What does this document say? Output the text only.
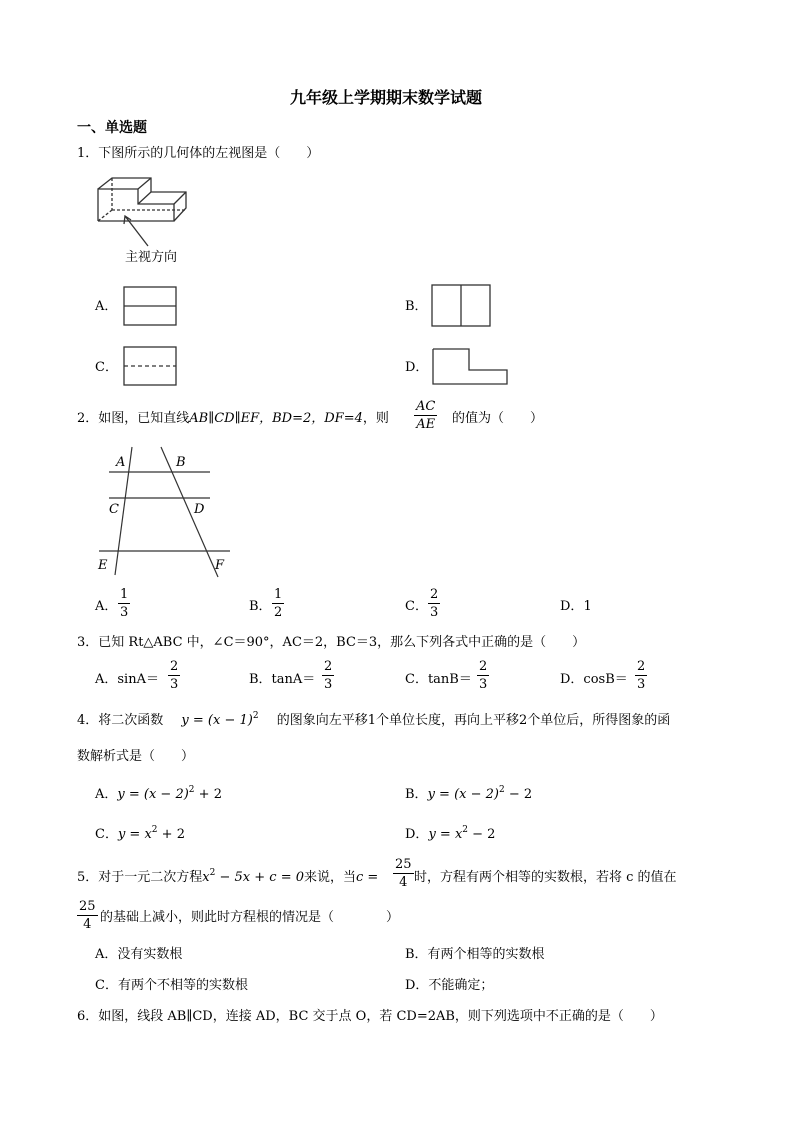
九年级上学期期末数学试题
一、单选题
1．下图所示的几何体的左视图是（　　）
主视方向
A．	B．
C．	D．
2．如图，已知直线AB∥CD∥EF，BD=2，DF=4，则 $\frac{AC}{AE}$ 的值为（　　）
A	B
C	D
E	F
A． $\frac{1}{3}$	B． $\frac{1}{2}$	C． $\frac{2}{3}$	D．1
3．已知 Rt△ABC 中，∠C＝90°，AC＝2，BC＝3，那么下列各式中正确的是（　　）
A．$\sin A= \frac{2}{3}$	B．$\tan A= \frac{2}{3}$	C．$\tan B= \frac{2}{3}$	D．$\cos B= \frac{2}{3}$
4．将二次函数 $y = (x - 1)^2$ 的图象向左平移1个单位长度，再向上平移2个单位后，所得图象的函
数解析式是（　　）
A．$y = (x - 2)^2 + 2$	B．$y = (x - 2)^2 - 2$
C．$y = x^2 + 2$	D．$y = x^2 - 2$
5．对于一元二次方程$x^2 - 5x + c = 0$来说，当$c = \frac{25}{4}$ 时，方程有两个相等的实数根，若将 c 的值在
$\frac{25}{4}$ 的基础上减小，则此时方程根的情况是（　　　　）
A．没有实数根	B．有两个相等的实数根
C．有两个不相等的实数根	D．不能确定；
6．如图，线段 AB∥CD，连接 AD，BC 交于点 O，若 CD=2AB，则下列选项中不正确的是（　　）
